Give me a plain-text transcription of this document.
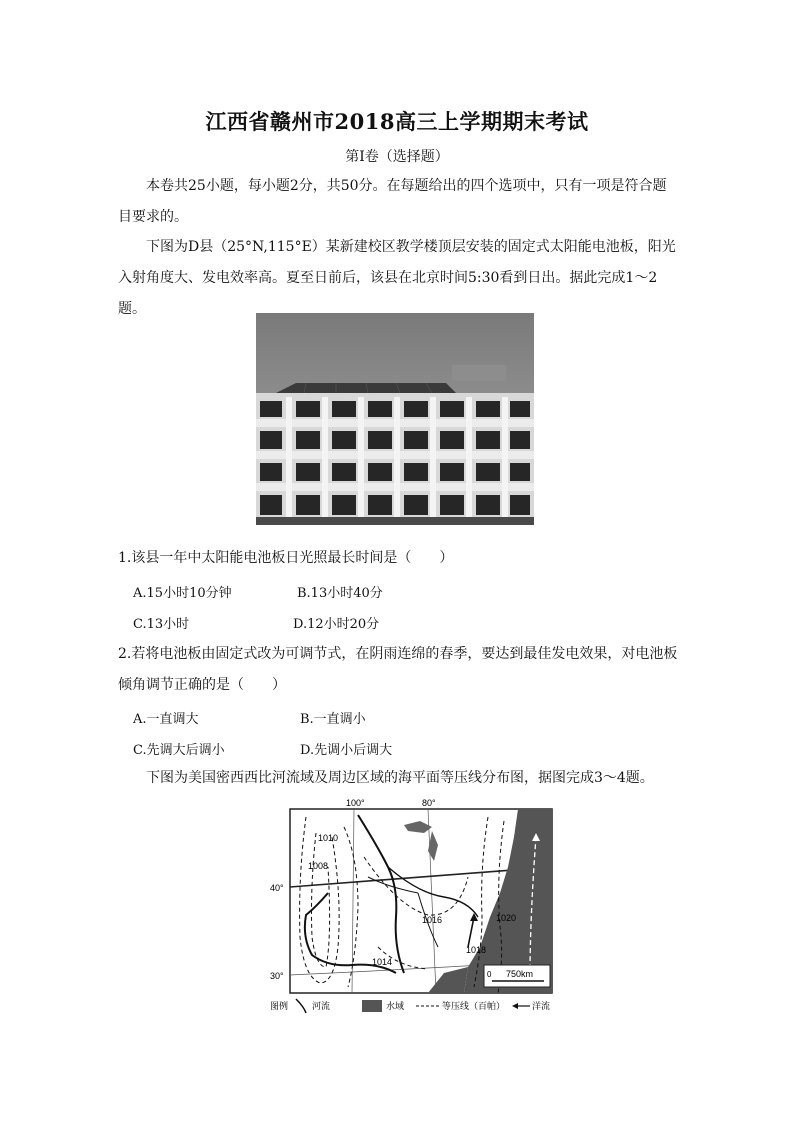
江西省赣州市2018高三上学期期末考试
第Ⅰ卷（选择题）
本卷共25小题，每小题2分，共50分。在每题给出的四个选项中，只有一项是符合题目要求的。
下图为D县（25°N,115°E）某新建校区教学楼顶层安装的固定式太阳能电池板，阳光入射角度大、发电效率高。夏至日前后，该县在北京时间5:30看到日出。据此完成1～2题。
1.该县一年中太阳能电池板日光照最长时间是（　　）
A.15小时10分钟	B.13小时40分
C.13小时	D.12小时20分
2.若将电池板由固定式改为可调节式，在阴雨连绵的春季，要达到最佳发电效果，对电池板倾角调节正确的是（　　）
A.一直调大	B.一直调小
C.先调大后调小	D.先调小后调大
下图为美国密西西比河流域及周边区域的海平面等压线分布图，据图完成3～4题。
100°	80°
40°
30°
1010
1008
1016
1014
1020
1018
0 750km
图例	河流	水域	等压线（百帕）	洋流
